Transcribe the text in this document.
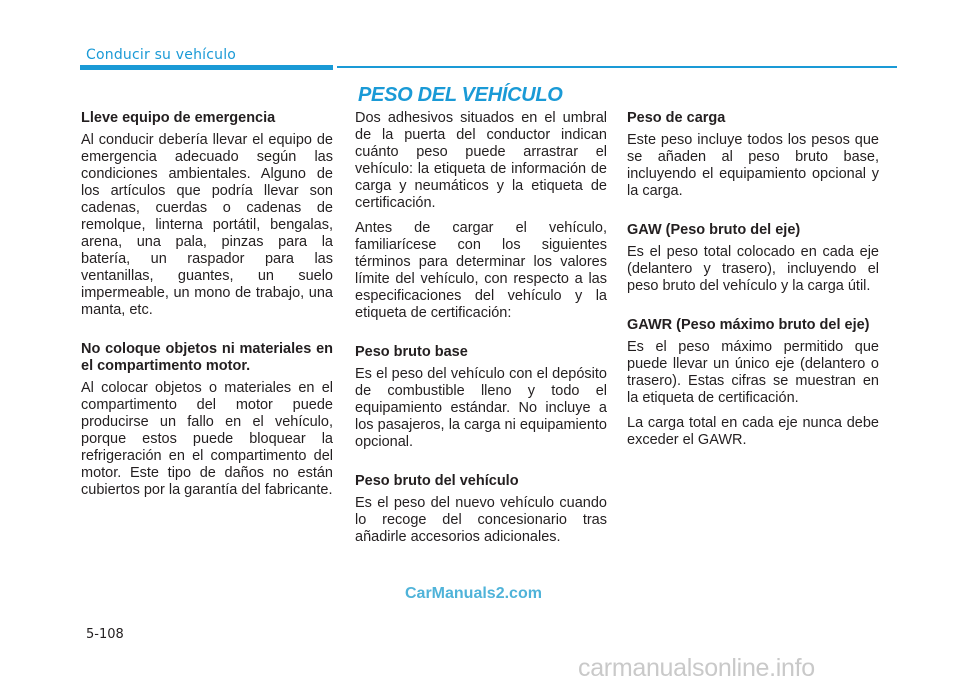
Conducir su vehículo
PESO DEL VEHÍCULO

Lleve equipo de emergencia

Al conducir debería llevar el equipo de emergencia adecuado según las condiciones ambientales. Alguno de los artículos que podría llevar son cadenas, cuerdas o cadenas de remolque, linterna portátil, bengalas, arena, una pala, pinzas para la batería, un raspador para las ventanillas, guantes, un suelo impermeable, un mono de trabajo, una manta, etc.

No coloque objetos ni materiales en el compartimento motor.

Al colocar objetos o materiales en el compartimento del motor puede producirse un fallo en el vehículo, porque estos puede bloquear la refrigeración en el compartimento del motor. Este tipo de daños no están cubiertos por la garantía del fabricante.

Dos adhesivos situados en el umbral de la puerta del conductor indican cuánto peso puede arrastrar el vehículo: la etiqueta de información de carga y neumáticos y la etiqueta de certificación.

Antes de cargar el vehículo, familiarícese con los siguientes términos para determinar los valores límite del vehículo, con respecto a las especificaciones del vehículo y la etiqueta de certificación:

Peso bruto base

Es el peso del vehículo con el depósito de combustible lleno y todo el equipamiento estándar. No incluye a los pasajeros, la carga ni equipamiento opcional.

Peso bruto del vehículo

Es el peso del nuevo vehículo cuando lo recoge del concesionario tras añadirle accesorios adicionales.

Peso de carga

Este peso incluye todos los pesos que se añaden al peso bruto base, incluyendo el equipamiento opcional y la carga.

GAW (Peso bruto del eje)

Es el peso total colocado en cada eje (delantero y trasero), incluyendo el peso bruto del vehículo y la carga útil.

GAWR (Peso máximo bruto del eje)

Es el peso máximo permitido que puede llevar un único eje (delantero o trasero). Estas cifras se muestran en la etiqueta de certificación.

La carga total en cada eje nunca debe exceder el GAWR.

CarManuals2.com
5-108
carmanualsonline.info
